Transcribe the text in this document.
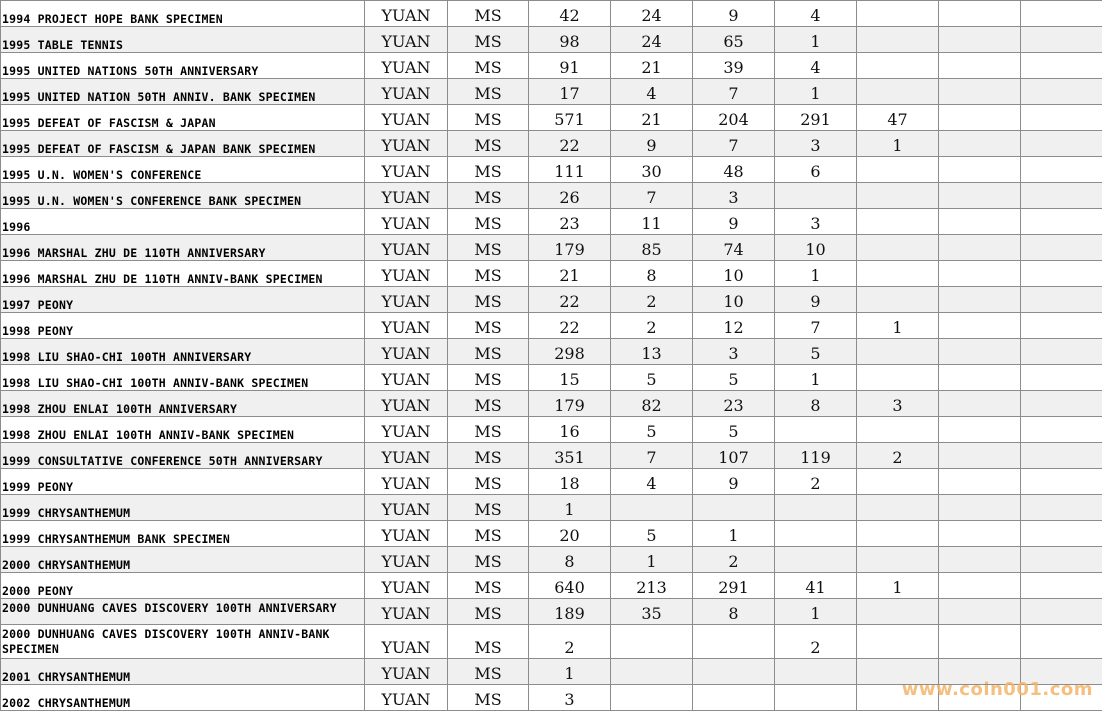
1994 PROJECT HOPE BANK SPECIMEN	YUAN	MS	42	24	9	4			
1995 TABLE TENNIS	YUAN	MS	98	24	65	1			
1995 UNITED NATIONS 50TH ANNIVERSARY	YUAN	MS	91	21	39	4			
1995 UNITED NATION 50TH ANNIV. BANK SPECIMEN	YUAN	MS	17	4	7	1			
1995 DEFEAT OF FASCISM & JAPAN	YUAN	MS	571	21	204	291	47		
1995 DEFEAT OF FASCISM & JAPAN BANK SPECIMEN	YUAN	MS	22	9	7	3	1		
1995 U.N. WOMEN'S CONFERENCE	YUAN	MS	111	30	48	6			
1995 U.N. WOMEN'S CONFERENCE BANK SPECIMEN	YUAN	MS	26	7	3				
1996	YUAN	MS	23	11	9	3			
1996 MARSHAL ZHU DE 110TH ANNIVERSARY	YUAN	MS	179	85	74	10			
1996 MARSHAL ZHU DE 110TH ANNIV-BANK SPECIMEN	YUAN	MS	21	8	10	1			
1997 PEONY	YUAN	MS	22	2	10	9			
1998 PEONY	YUAN	MS	22	2	12	7	1		
1998 LIU SHAO-CHI 100TH ANNIVERSARY	YUAN	MS	298	13	3	5			
1998 LIU SHAO-CHI 100TH ANNIV-BANK SPECIMEN	YUAN	MS	15	5	5	1			
1998 ZHOU ENLAI 100TH ANNIVERSARY	YUAN	MS	179	82	23	8	3		
1998 ZHOU ENLAI 100TH ANNIV-BANK SPECIMEN	YUAN	MS	16	5	5				
1999 CONSULTATIVE CONFERENCE 50TH ANNIVERSARY	YUAN	MS	351	7	107	119	2		
1999 PEONY	YUAN	MS	18	4	9	2			
1999 CHRYSANTHEMUM	YUAN	MS	1						
1999 CHRYSANTHEMUM BANK SPECIMEN	YUAN	MS	20	5	1				
2000 CHRYSANTHEMUM	YUAN	MS	8	1	2				
2000 PEONY	YUAN	MS	640	213	291	41	1		
2000 DUNHUANG CAVES DISCOVERY 100TH ANNIVERSARY	YUAN	MS	189	35	8	1			
2000 DUNHUANG CAVES DISCOVERY 100TH ANNIV-BANK SPECIMEN	YUAN	MS	2			2			
2001 CHRYSANTHEMUM	YUAN	MS	1						
2002 CHRYSANTHEMUM	YUAN	MS	3							www.coin001.com
